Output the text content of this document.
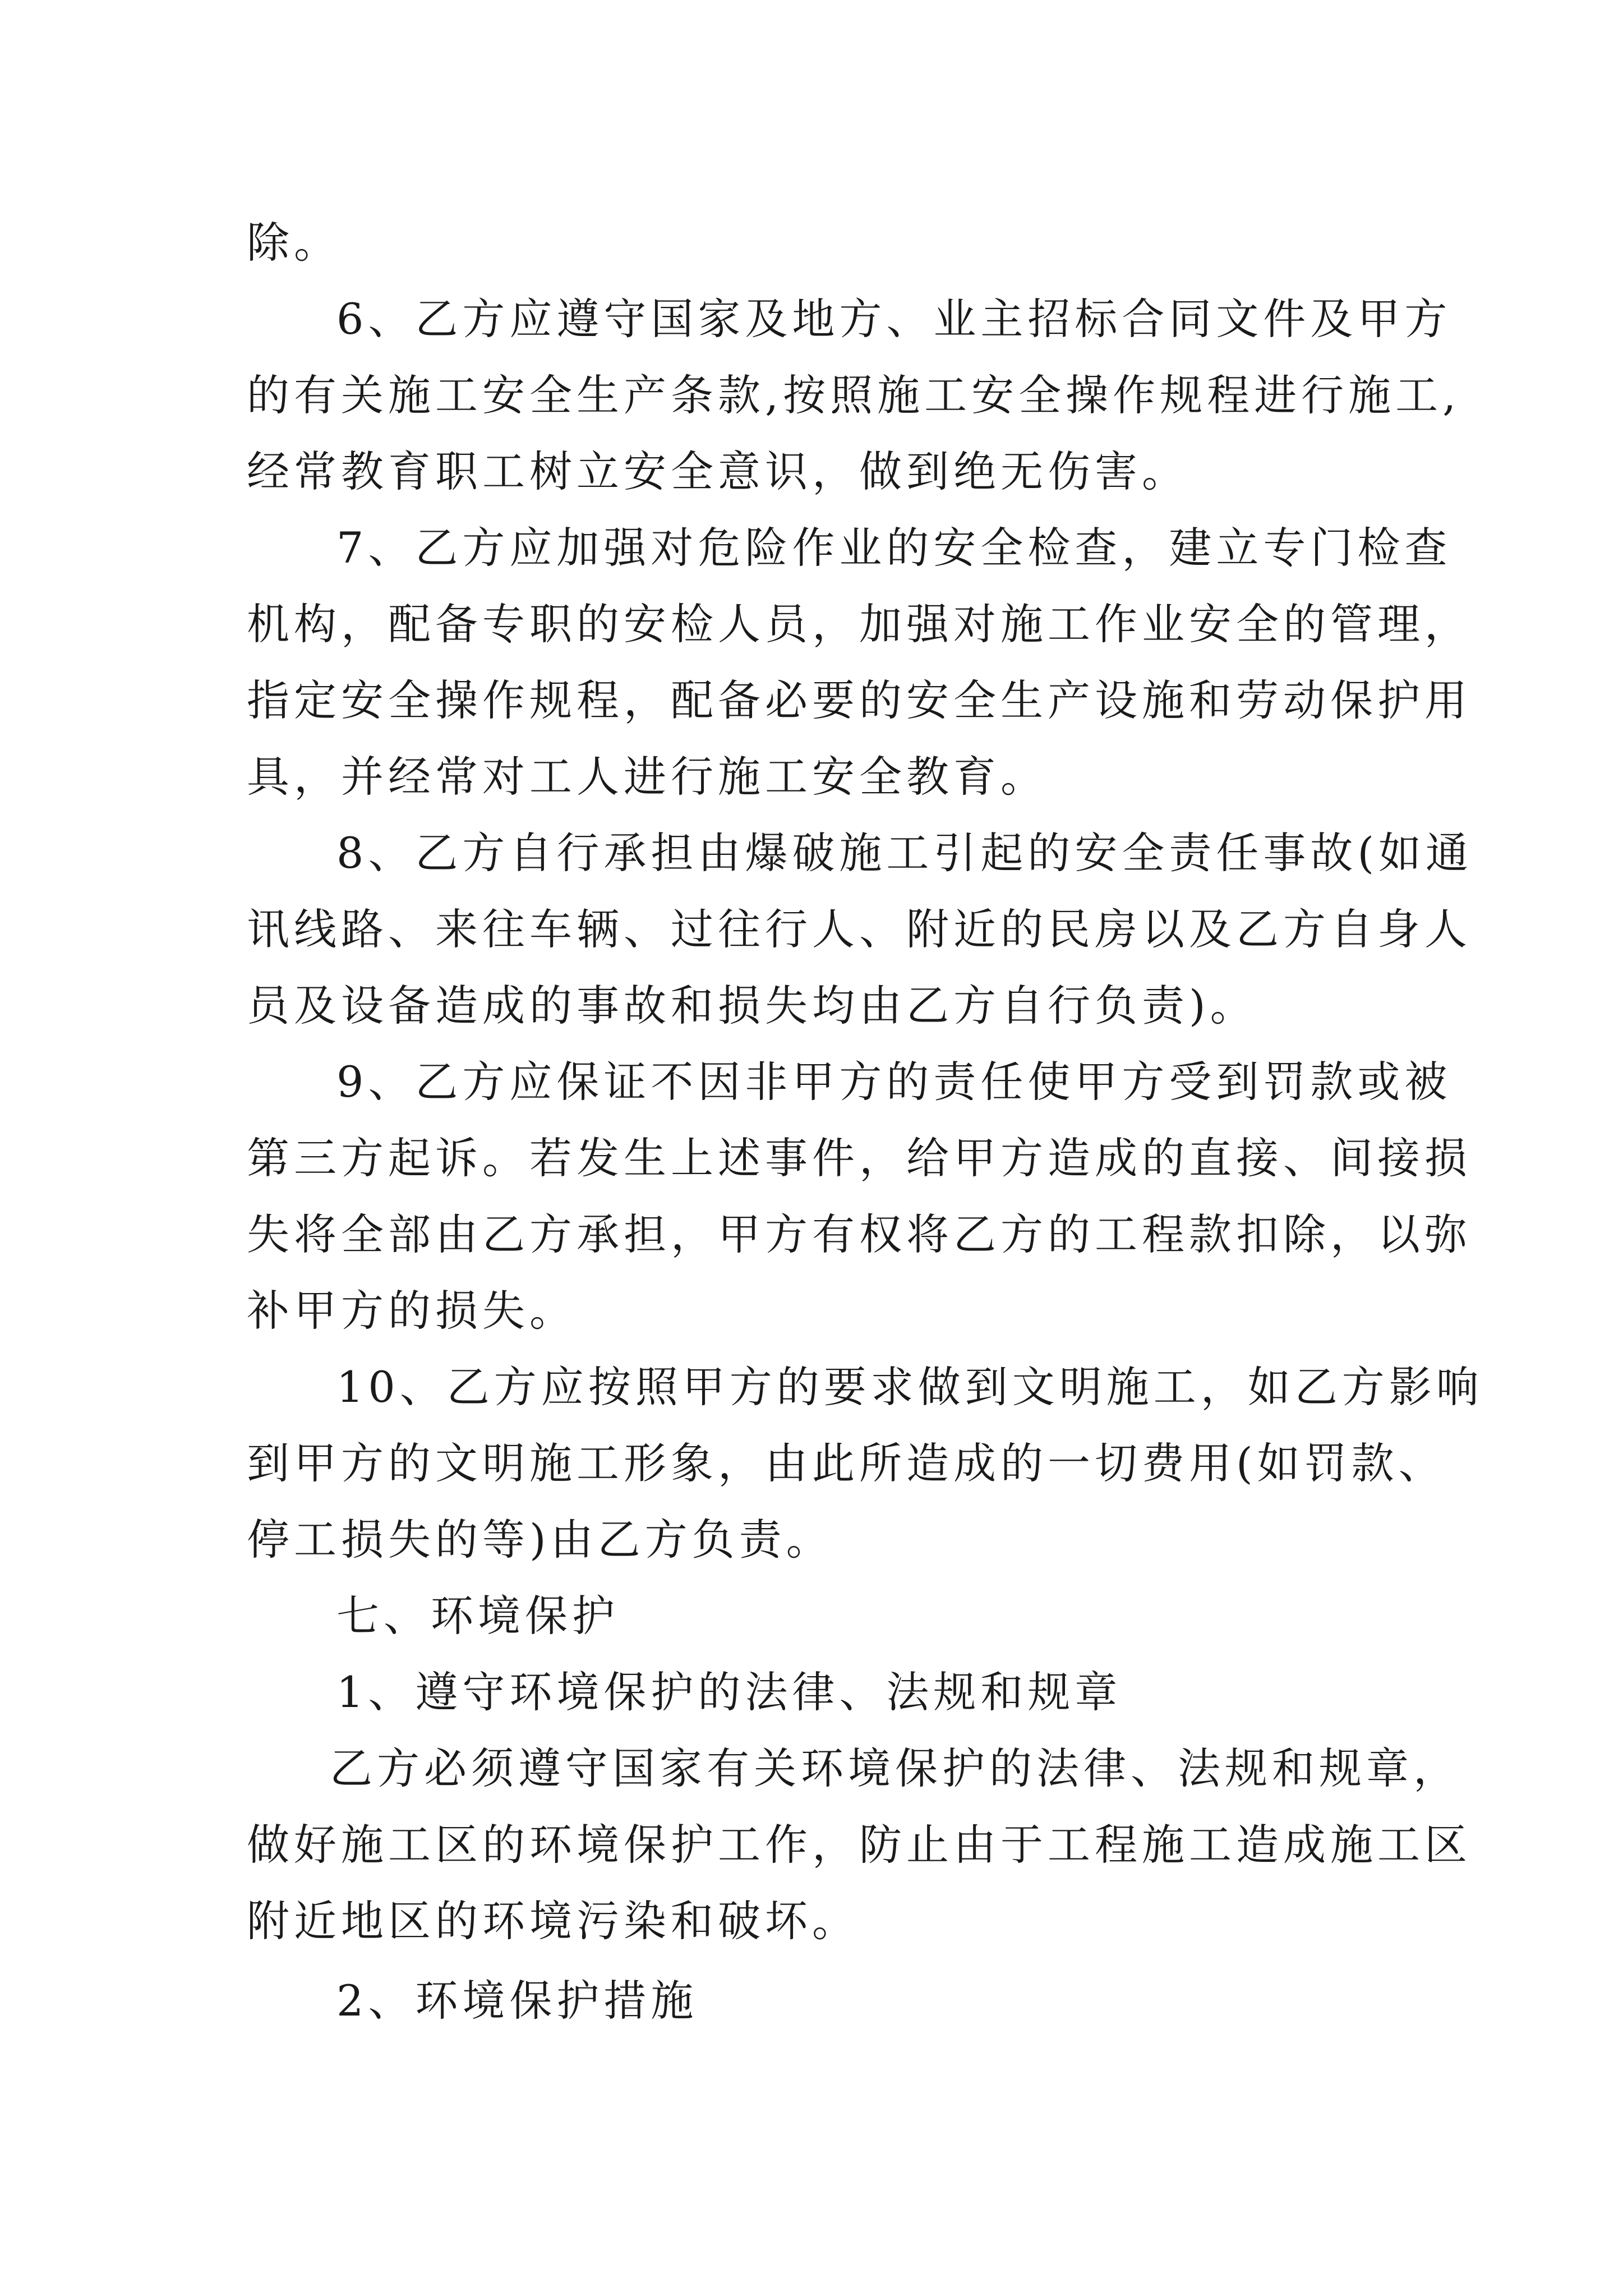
除。
6、乙方应遵守国家及地方、业主招标合同文件及甲方
的有关施工安全生产条款,按照施工安全操作规程进行施工,
经常教育职工树立安全意识，做到绝无伤害。
7、乙方应加强对危险作业的安全检查，建立专门检查
机构，配备专职的安检人员，加强对施工作业安全的管理，
指定安全操作规程，配备必要的安全生产设施和劳动保护用
具，并经常对工人进行施工安全教育。
8、乙方自行承担由爆破施工引起的安全责任事故(如通
讯线路、来往车辆、过往行人、附近的民房以及乙方自身人
员及设备造成的事故和损失均由乙方自行负责)。
9、乙方应保证不因非甲方的责任使甲方受到罚款或被
第三方起诉。若发生上述事件，给甲方造成的直接、间接损
失将全部由乙方承担，甲方有权将乙方的工程款扣除，以弥
补甲方的损失。
10、乙方应按照甲方的要求做到文明施工，如乙方影响
到甲方的文明施工形象，由此所造成的一切费用(如罚款、
停工损失的等)由乙方负责。
七、环境保护
1、遵守环境保护的法律、法规和规章
乙方必须遵守国家有关环境保护的法律、法规和规章，
做好施工区的环境保护工作，防止由于工程施工造成施工区
附近地区的环境污染和破坏。
2、环境保护措施
